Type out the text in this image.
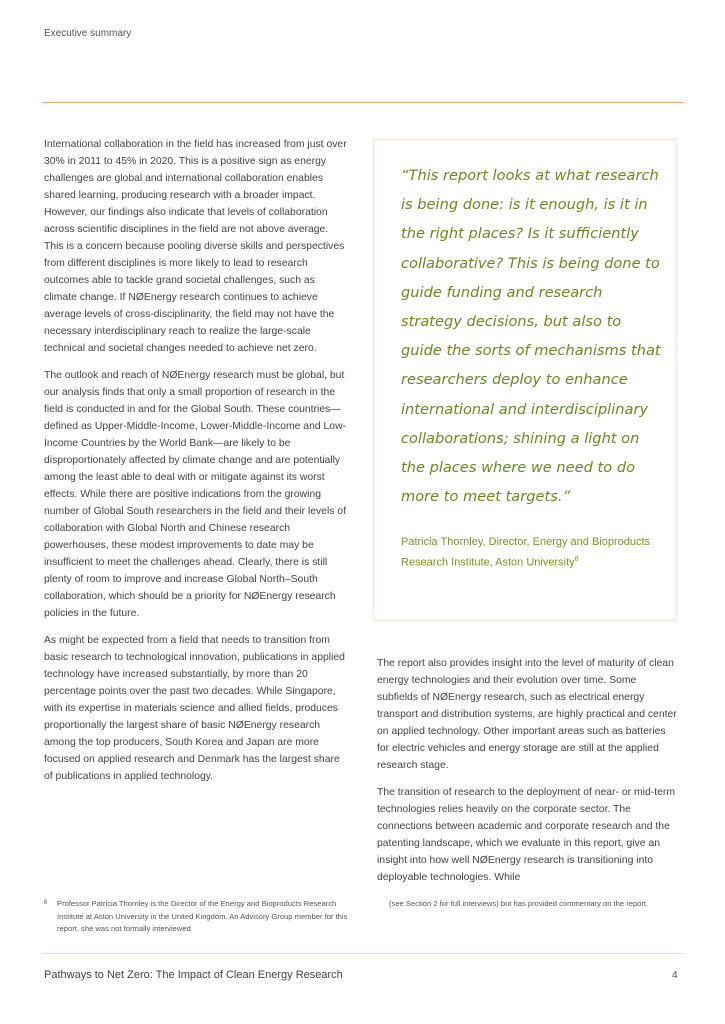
Executive summary

International collaboration in the field has increased from just over 30% in 2011 to 45% in 2020. This is a positive sign as energy challenges are global and international collaboration enables shared learning, producing research with a broader impact. However, our findings also indicate that levels of collaboration across scientific disciplines in the field are not above average. This is a concern because pooling diverse skills and perspectives from different disciplines is more likely to lead to research outcomes able to tackle grand societal challenges, such as climate change. If NØEnergy research continues to achieve average levels of cross-disciplinarity, the field may not have the necessary interdisciplinary reach to realize the large-scale technical and societal changes needed to achieve net zero.

The outlook and reach of NØEnergy research must be global, but our analysis finds that only a small proportion of research in the field is conducted in and for the Global South. These countries—defined as Upper-Middle-Income, Lower-Middle-Income and Low-Income Countries by the World Bank—are likely to be disproportionately affected by climate change and are potentially among the least able to deal with or mitigate against its worst effects. While there are positive indications from the growing number of Global South researchers in the field and their levels of collaboration with Global North and Chinese research powerhouses, these modest improvements to date may be insufficient to meet the challenges ahead. Clearly, there is still plenty of room to improve and increase Global North–South collaboration, which should be a priority for NØEnergy research policies in the future.

As might be expected from a field that needs to transition from basic research to technological innovation, publications in applied technology have increased substantially, by more than 20 percentage points over the past two decades. While Singapore, with its expertise in materials science and allied fields, produces proportionally the largest share of basic NØEnergy research among the top producers, South Korea and Japan are more focused on applied research and Denmark has the largest share of publications in applied technology.

“This report looks at what research is being done: is it enough, is it in the right places? Is it sufficiently collaborative? This is being done to guide funding and research strategy decisions, but also to guide the sorts of mechanisms that researchers deploy to enhance international and interdisciplinary collaborations; shining a light on the places where we need to do more to meet targets.”

Patricia Thornley, Director, Energy and Bioproducts Research Institute, Aston University$^6$

The report also provides insight into the level of maturity of clean energy technologies and their evolution over time. Some subfields of NØEnergy research, such as electrical energy transport and distribution systems, are highly practical and center on applied technology. Other important areas such as batteries for electric vehicles and energy storage are still at the applied research stage.

The transition of research to the deployment of near- or mid-term technologies relies heavily on the corporate sector. The connections between academic and corporate research and the patenting landscape, which we evaluate in this report, give an insight into how well NØEnergy research is transitioning into deployable technologies. While

6	Professor Patricia Thornley is the Director of the Energy and Bioproducts Research Institute at Aston University in the United Kingdom. An Advisory Group member for this report, she was not formally interviewed
(see Section 2 for full interviews) but has provided commentary on the report.
Pathways to Net Zero: The Impact of Clean Energy Research	4
